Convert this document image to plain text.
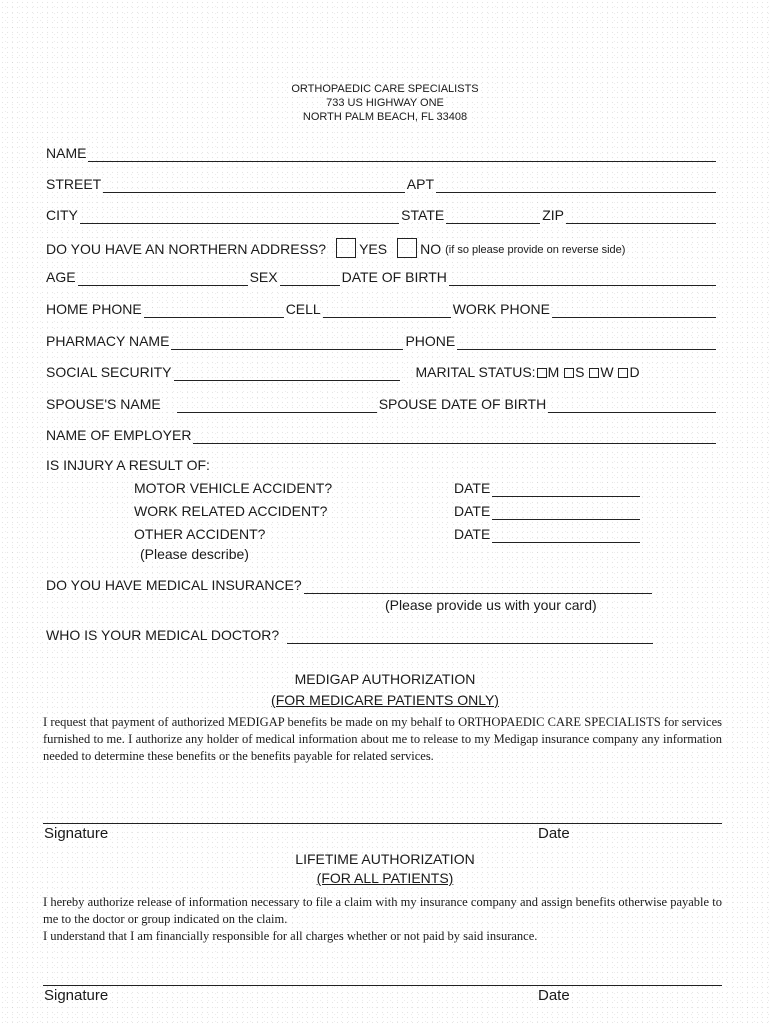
ORTHOPAEDIC CARE SPECIALISTS
733 US HIGHWAY ONE
NORTH PALM BEACH, FL 33408
NAME
STREET	APT
CITY	STATE	ZIP
DO YOU HAVE AN NORTHERN ADDRESS? YES NO (if so please provide on reverse side)
AGE	SEX	DATE OF BIRTH
HOME PHONE	CELL	WORK PHONE
PHARMACY NAME	PHONE
SOCIAL SECURITY	MARITAL STATUS: M S W D
SPOUSE'S NAME	SPOUSE DATE OF BIRTH
NAME OF EMPLOYER
IS INJURY A RESULT OF:
MOTOR VEHICLE ACCIDENT?	DATE
WORK RELATED ACCIDENT?	DATE
OTHER ACCIDENT?	DATE
(Please describe)
DO YOU HAVE MEDICAL INSURANCE?
(Please provide us with your card)
WHO IS YOUR MEDICAL DOCTOR?
MEDIGAP AUTHORIZATION
(FOR MEDICARE PATIENTS ONLY)
I request that payment of authorized MEDIGAP benefits be made on my behalf to ORTHOPAEDIC CARE SPECIALISTS for services furnished to me. I authorize any holder of medical information about me to release to my Medigap insurance company any information needed to determine these benefits or the benefits payable for related services.
Signature	Date
LIFETIME AUTHORIZATION
(FOR ALL PATIENTS)
I hereby authorize release of information necessary to file a claim with my insurance company and assign benefits otherwise payable to me to the doctor or group indicated on the claim.
I understand that I am financially responsible for all charges whether or not paid by said insurance.
Signature	Date
